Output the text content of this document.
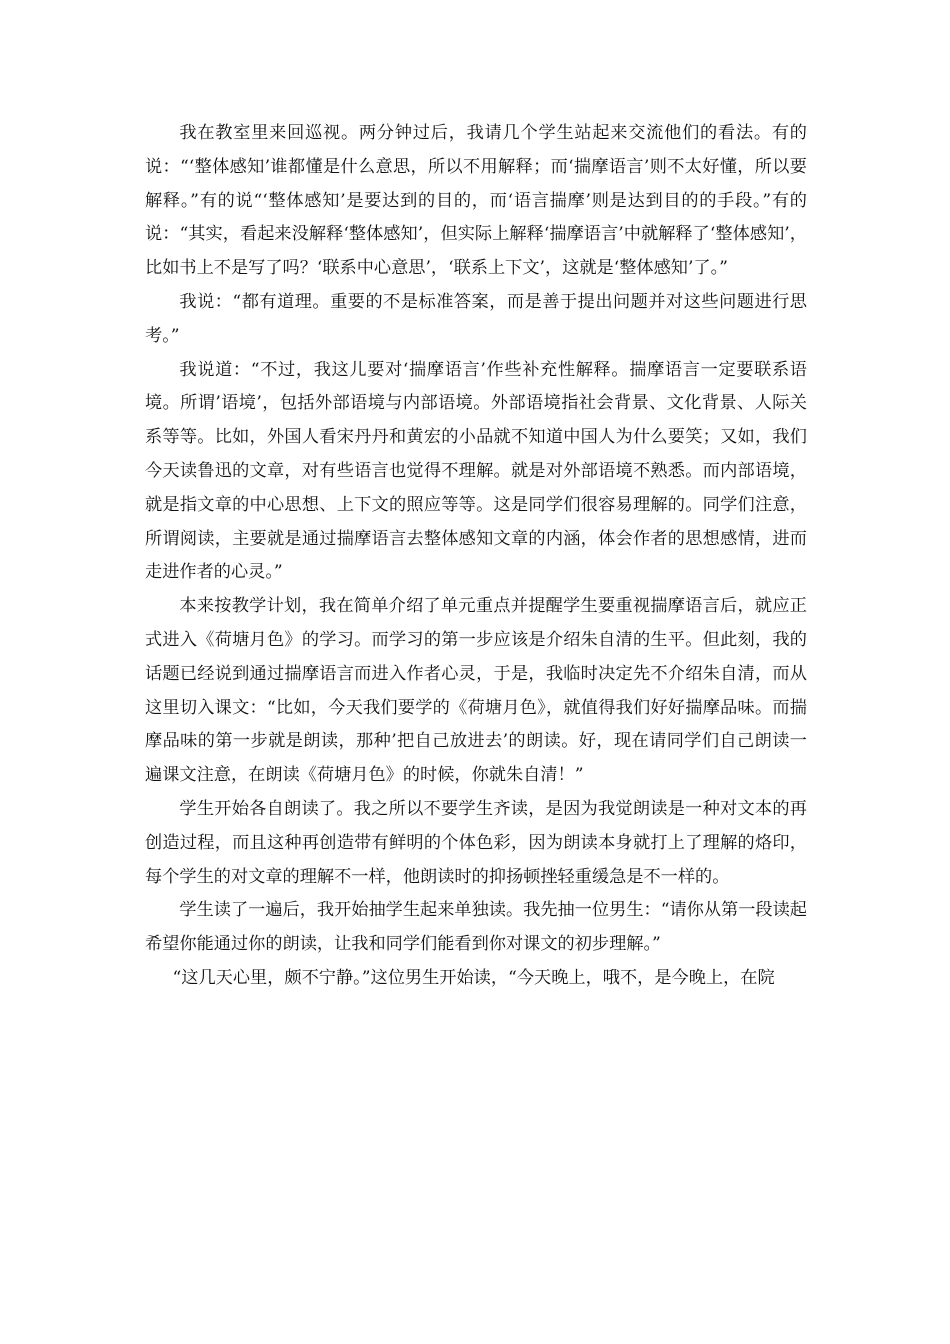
我在教室里来回巡视。两分钟过后，我请几个学生站起来交流他们的看法。有的说：“‘整体感知’谁都懂是什么意思，所以不用解释；而‘揣摩语言’则不太好懂，所以要解释。”有的说“‘整体感知’是要达到的目的，而‘语言揣摩’则是达到目的的手段。”有的说：“其实，看起来没解释‘整体感知’，但实际上解释‘揣摩语言’中就解释了‘整体感知’，比如书上不是写了吗？‘联系中心意思’，‘联系上下文’，这就是‘整体感知’了。”

我说：“都有道理。重要的不是标准答案，而是善于提出问题并对这些问题进行思考。”

我说道：“不过，我这儿要对‘揣摩语言’作些补充性解释。揣摩语言一定要联系语境。所谓’语境’，包括外部语境与内部语境。外部语境指社会背景、文化背景、人际关系等等。比如，外国人看宋丹丹和黄宏的小品就不知道中国人为什么要笑；又如，我们今天读鲁迅的文章，对有些语言也觉得不理解。就是对外部语境不熟悉。而内部语境，就是指文章的中心思想、上下文的照应等等。这是同学们很容易理解的。同学们注意，所谓阅读，主要就是通过揣摩语言去整体感知文章的内涵，体会作者的思想感情，进而走进作者的心灵。”

本来按教学计划，我在简单介绍了单元重点并提醒学生要重视揣摩语言后，就应正式进入《荷塘月色》的学习。而学习的第一步应该是介绍朱自清的生平。但此刻，我的话题已经说到通过揣摩语言而进入作者心灵，于是，我临时决定先不介绍朱自清，而从这里切入课文：“比如，今天我们要学的《荷塘月色》，就值得我们好好揣摩品味。而揣摩品味的第一步就是朗读，那种’把自己放进去’的朗读。好，现在请同学们自己朗读一遍课文注意，在朗读《荷塘月色》的时候，你就朱自清！”

学生开始各自朗读了。我之所以不要学生齐读，是因为我觉朗读是一种对文本的再创造过程，而且这种再创造带有鲜明的个体色彩，因为朗读本身就打上了理解的烙印，每个学生的对文章的理解不一样，他朗读时的抑扬顿挫轻重缓急是不一样的。

学生读了一遍后，我开始抽学生起来单独读。我先抽一位男生：“请你从第一段读起希望你能通过你的朗读，让我和同学们能看到你对课文的初步理解。”

“这几天心里，颇不宁静。”这位男生开始读，“今天晚上，哦不，是今晚上，在院
